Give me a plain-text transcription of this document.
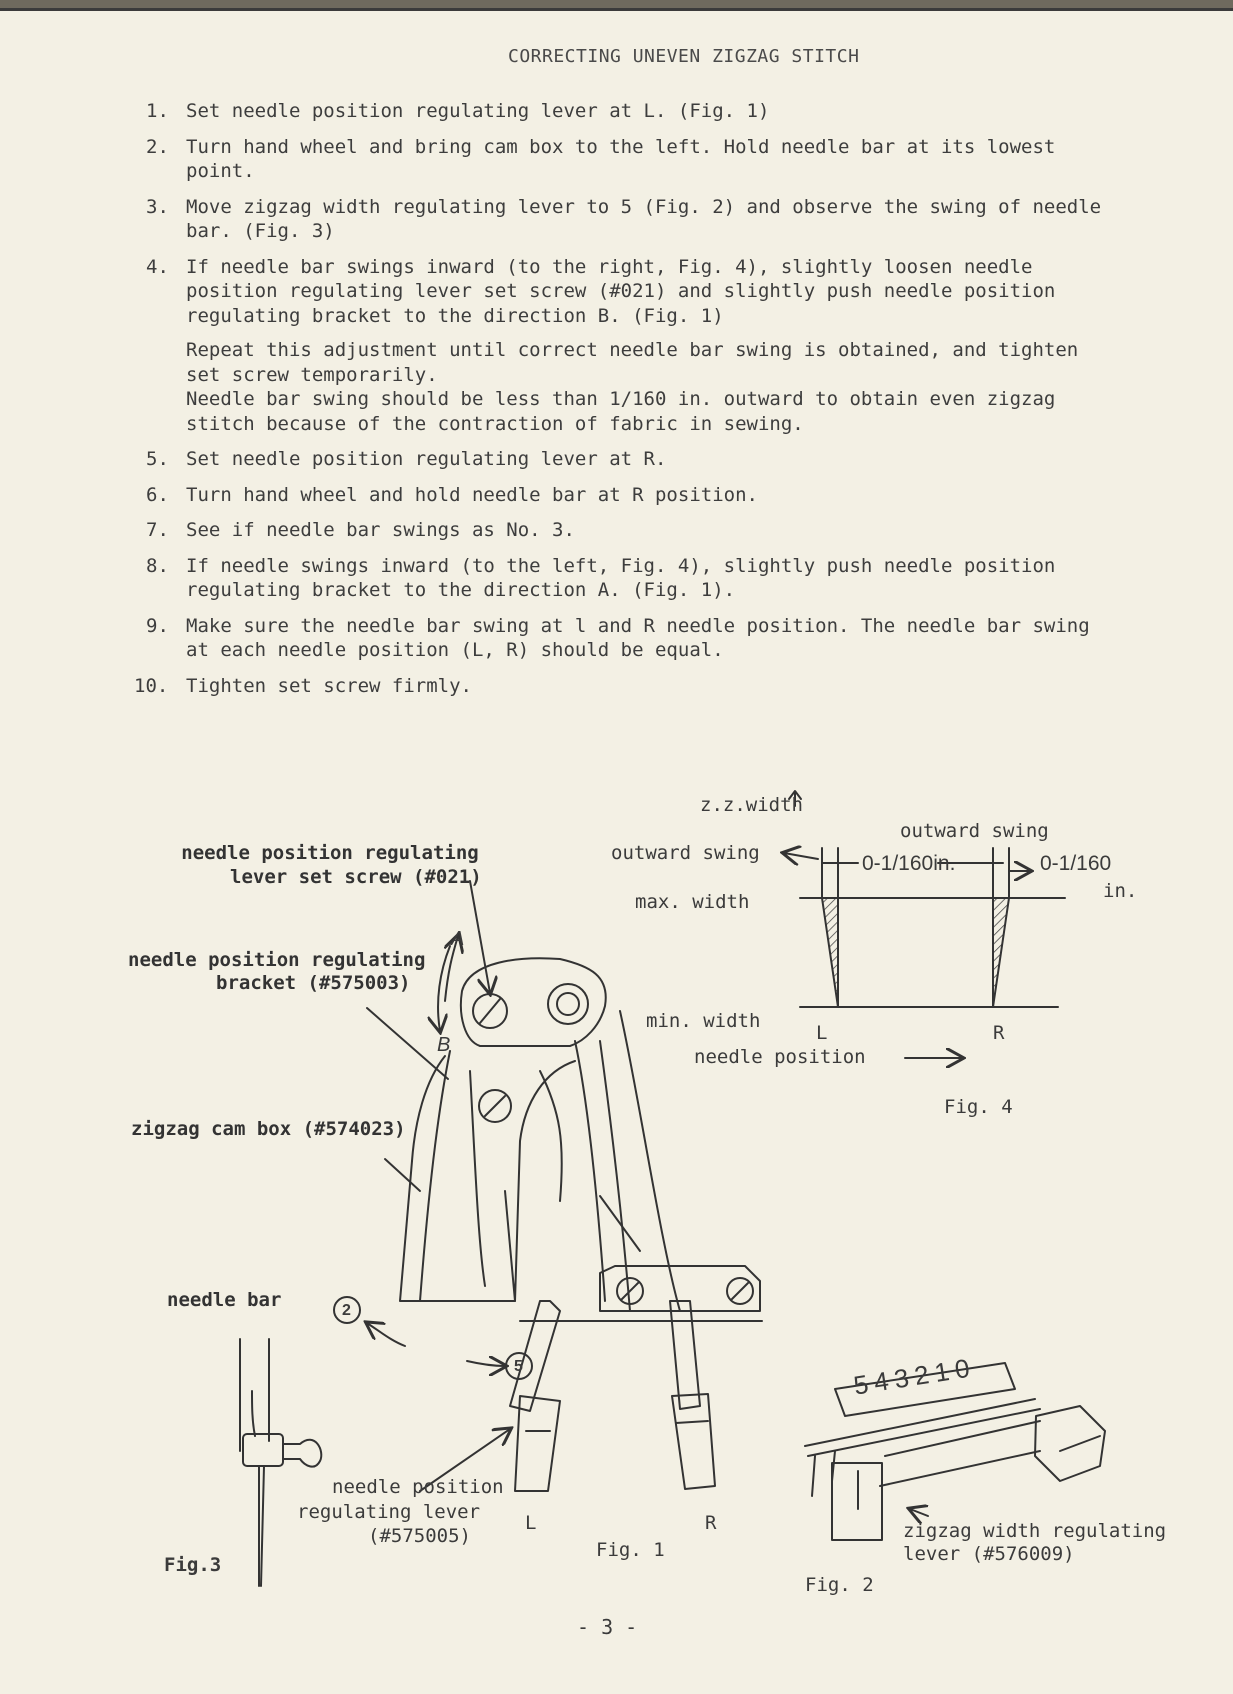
CORRECTING UNEVEN ZIGZAG STITCH
1. Set needle position regulating lever at L. (Fig. 1)
2. Turn hand wheel and bring cam box to the left. Hold needle bar at its lowest point.
3. Move zigzag width regulating lever to 5 (Fig. 2) and observe the swing of needle bar. (Fig. 3)
4. If needle bar swings inward (to the right, Fig. 4), slightly loosen needle position regulating lever set screw (#021) and slightly push needle position regulating bracket to the direction B. (Fig. 1)

Repeat this adjustment until correct needle bar swing is obtained, and tighten set screw temporarily.

Needle bar swing should be less than 1/160 in. outward to obtain even zigzag stitch because of the contraction of fabric in sewing.

5. Set needle position regulating lever at R.
6. Turn hand wheel and hold needle bar at R position.
7. See if needle bar swings as No. 3.
8. If needle swings inward (to the left, Fig. 4), slightly push needle position regulating bracket to the direction A. (Fig. 1).
9. Make sure the needle bar swing at l and R needle position. The needle bar swing at each needle position (L, R) should be equal.
10. Tighten set screw firmly.
z.z.width
outward swing
outward swing
0-1/160in.	0-1/160
in.
max. width
min. width
L	R
needle position
Fig. 4
needle position regulating
lever set screw (#021)
needle position regulating
bracket (#575003)
zigzag cam box (#574023)
A
B
2
5
needle position
regulating lever
(#575005)
L	R
Fig. 1
needle bar
Fig.3
543210
zigzag width regulating
lever (#576009)
Fig. 2
- 3 -
